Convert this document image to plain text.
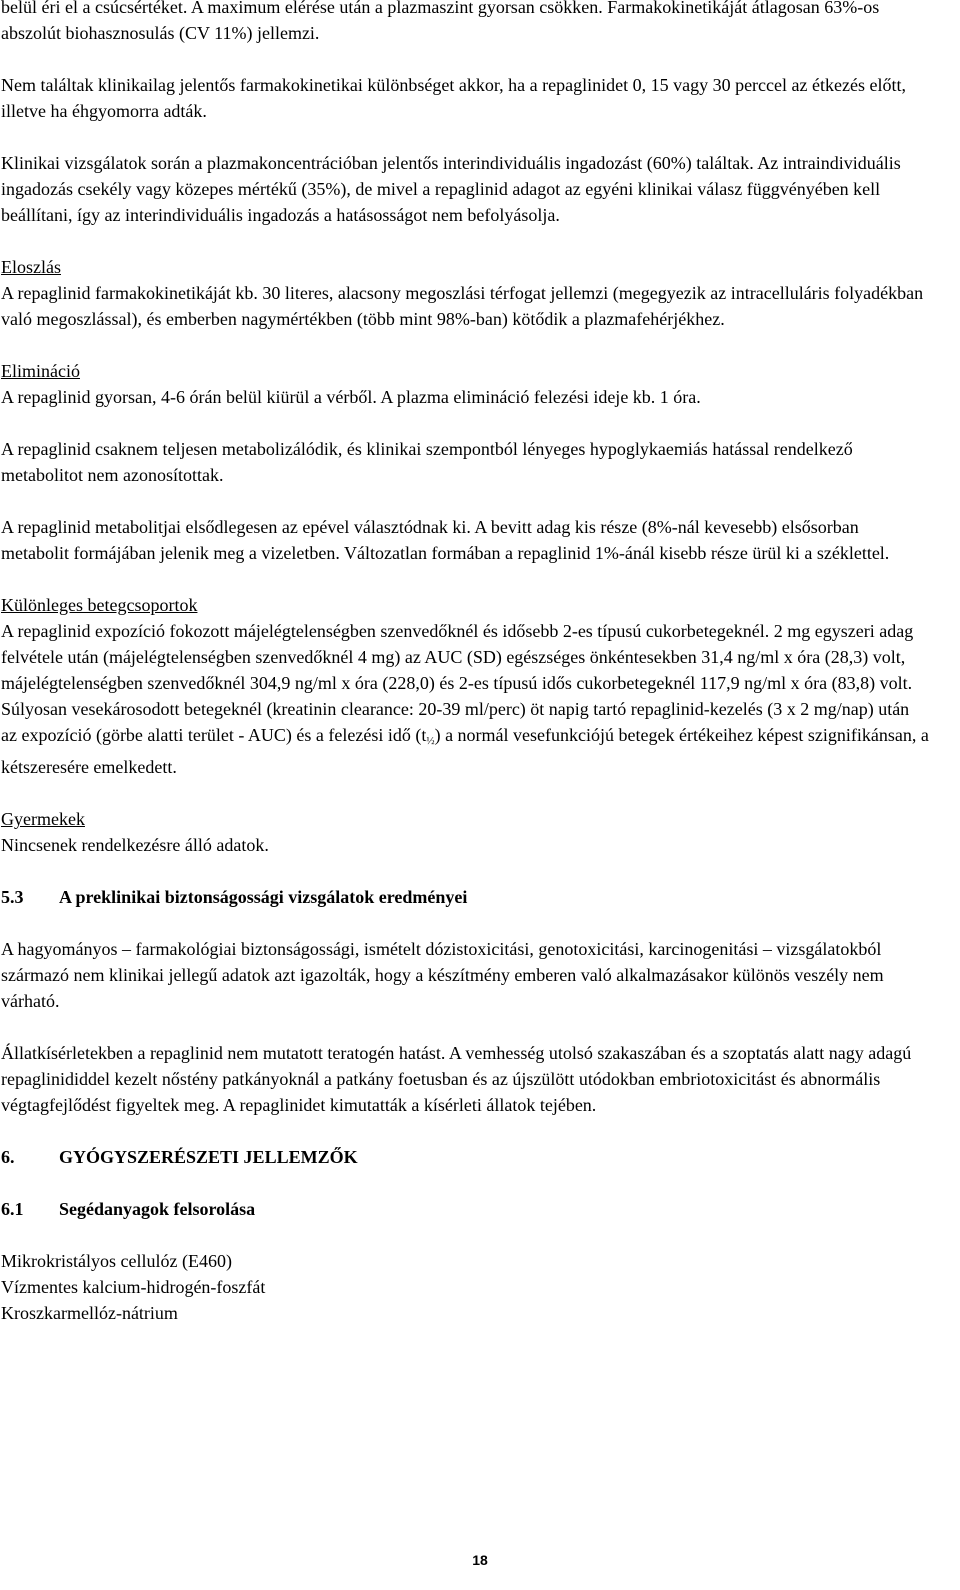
belül éri el a csúcsértéket. A maximum elérése után a plazmaszint gyorsan csökken. Farmakokinetikáját átlagosan 63%-os abszolút biohasznosulás (CV 11%) jellemzi.

Nem találtak klinikailag jelentős farmakokinetikai különbséget akkor, ha a repaglinidet 0, 15 vagy 30 perccel az étkezés előtt, illetve ha éhgyomorra adták.

Klinikai vizsgálatok során a plazmakoncentrációban jelentős interindividuális ingadozást (60%) találtak. Az intraindividuális ingadozás csekély vagy közepes mértékű (35%), de mivel a repaglinid adagot az egyéni klinikai válasz függvényében kell beállítani, így az interindividuális ingadozás a hatásosságot nem befolyásolja.

Eloszlás
A repaglinid farmakokinetikáját kb. 30 literes, alacsony megoszlási térfogat jellemzi (megegyezik az intracelluláris folyadékban való megoszlással), és emberben nagymértékben (több mint 98%-ban) kötődik a plazmafehérjékhez.
Elimináció
A repaglinid gyorsan, 4-6 órán belül kiürül a vérből. A plazma elimináció felezési ideje kb. 1 óra.

A repaglinid csaknem teljesen metabolizálódik, és klinikai szempontból lényeges hypoglykaemiás hatással rendelkező metabolitot nem azonosítottak.

A repaglinid metabolitjai elsődlegesen az epével választódnak ki. A bevitt adag kis része (8%-nál kevesebb) elsősorban metabolit formájában jelenik meg a vizeletben. Változatlan formában a repaglinid 1%-ánál kisebb része ürül ki a széklettel.

Különleges betegcsoportok
A repaglinid expozíció fokozott májelégtelenségben szenvedőknél és idősebb 2-es típusú cukorbetegeknél. 2 mg egyszeri adag felvétele után (májelégtelenségben szenvedőknél 4 mg) az AUC (SD) egészséges önkéntesekben 31,4 ng/ml x óra (28,3) volt, májelégtelenségben szenvedőknél 304,9 ng/ml x óra (228,0) és 2-es típusú idős cukorbetegeknél 117,9 ng/ml x óra (83,8) volt. Súlyosan vesekárosodott betegeknél (kreatinin clearance: 20-39 ml/perc) öt napig tartó repaglinid-kezelés (3 x 2 mg/nap) után az expozíció (görbe alatti terület - AUC) és a felezési idő (t½) a normál vesefunkciójú betegek értékeihez képest szignifikánsan, a kétszeresére emelkedett.
Gyermekek
Nincsenek rendelkezésre álló adatok.
5.3 A preklinikai biztonságossági vizsgálatok eredményei

A hagyományos – farmakológiai biztonságossági, ismételt dózistoxicitási, genotoxicitási, karcinogenitási – vizsgálatokból származó nem klinikai jellegű adatok azt igazolták, hogy a készítmény emberen való alkalmazásakor különös veszély nem várható.

Állatkísérletekben a repaglinid nem mutatott teratogén hatást. A vemhesség utolsó szakaszában és a szoptatás alatt nagy adagú repaglinididdel kezelt nőstény patkányoknál a patkány foetusban és az újszülött utódokban embriotoxicitást és abnormális végtagfejlődést figyeltek meg. A repaglinidet kimutatták a kísérleti állatok tejében.

6. GYÓGYSZERÉSZETI JELLEMZŐK
6.1 Segédanyagok felsorolása
Mikrokristályos cellulóz (E460)
Vízmentes kalcium-hidrogén-foszfát
Kroszkarmellóz-nátrium
18
